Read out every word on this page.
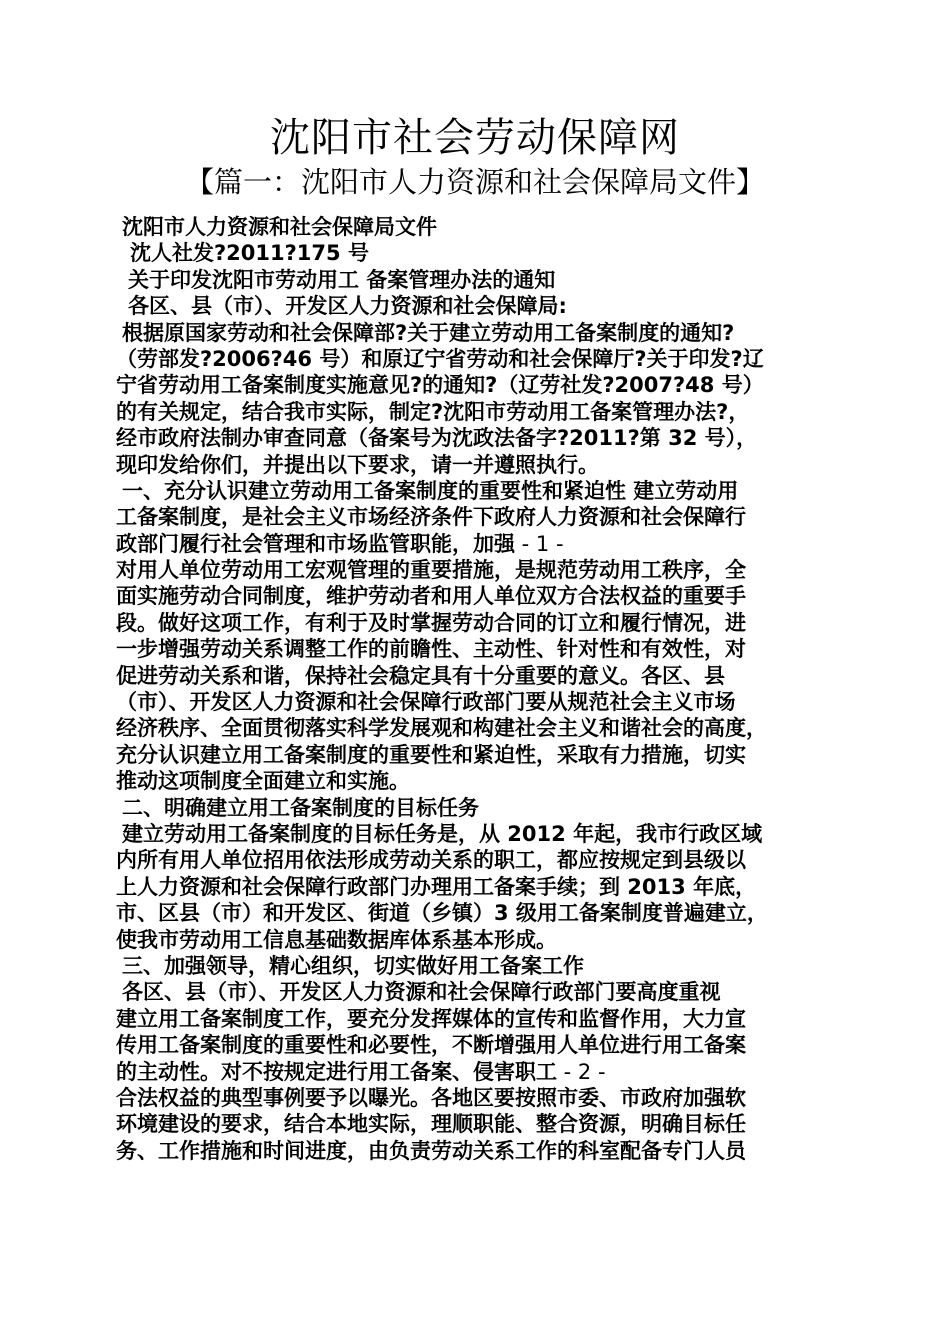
沈阳市社会劳动保障网
【篇一：沈阳市人力资源和社会保障局文件】
沈阳市人力资源和社会保障局文件
沈人社发?2011?175 号
关于印发沈阳市劳动用工 备案管理办法的通知
各区、县（市）、开发区人力资源和社会保障局:
根据原国家劳动和社会保障部?关于建立劳动用工备案制度的通知?
（劳部发?2006?46 号）和原辽宁省劳动和社会保障厅?关于印发?辽
宁省劳动用工备案制度实施意见?的通知?（辽劳社发?2007?48 号）
的有关规定，结合我市实际，制定?沈阳市劳动用工备案管理办法?，
经市政府法制办审查同意（备案号为沈政法备字?2011?第 32 号），
现印发给你们，并提出以下要求，请一并遵照执行。
一、充分认识建立劳动用工备案制度的重要性和紧迫性 建立劳动用
工备案制度，是社会主义市场经济条件下政府人力资源和社会保障行
政部门履行社会管理和市场监管职能，加强 - 1 -
对用人单位劳动用工宏观管理的重要措施，是规范劳动用工秩序，全
面实施劳动合同制度，维护劳动者和用人单位双方合法权益的重要手
段。做好这项工作，有利于及时掌握劳动合同的订立和履行情况，进
一步增强劳动关系调整工作的前瞻性、主动性、针对性和有效性，对
促进劳动关系和谐，保持社会稳定具有十分重要的意义。各区、县
（市）、开发区人力资源和社会保障行政部门要从规范社会主义市场
经济秩序、全面贯彻落实科学发展观和构建社会主义和谐社会的高度，
充分认识建立用工备案制度的重要性和紧迫性，采取有力措施，切实
推动这项制度全面建立和实施。
二、明确建立用工备案制度的目标任务
建立劳动用工备案制度的目标任务是，从 2012 年起，我市行政区域
内所有用人单位招用依法形成劳动关系的职工，都应按规定到县级以
上人力资源和社会保障行政部门办理用工备案手续；到 2013 年底，
市、区县（市）和开发区、街道（乡镇）3 级用工备案制度普遍建立，
使我市劳动用工信息基础数据库体系基本形成。
三、加强领导，精心组织，切实做好用工备案工作
各区、县（市）、开发区人力资源和社会保障行政部门要高度重视
建立用工备案制度工作，要充分发挥媒体的宣传和监督作用，大力宣
传用工备案制度的重要性和必要性，不断增强用人单位进行用工备案
的主动性。对不按规定进行用工备案、侵害职工 - 2 -
合法权益的典型事例要予以曝光。各地区要按照市委、市政府加强软
环境建设的要求，结合本地实际，理顺职能、整合资源，明确目标任
务、工作措施和时间进度，由负责劳动关系工作的科室配备专门人员
